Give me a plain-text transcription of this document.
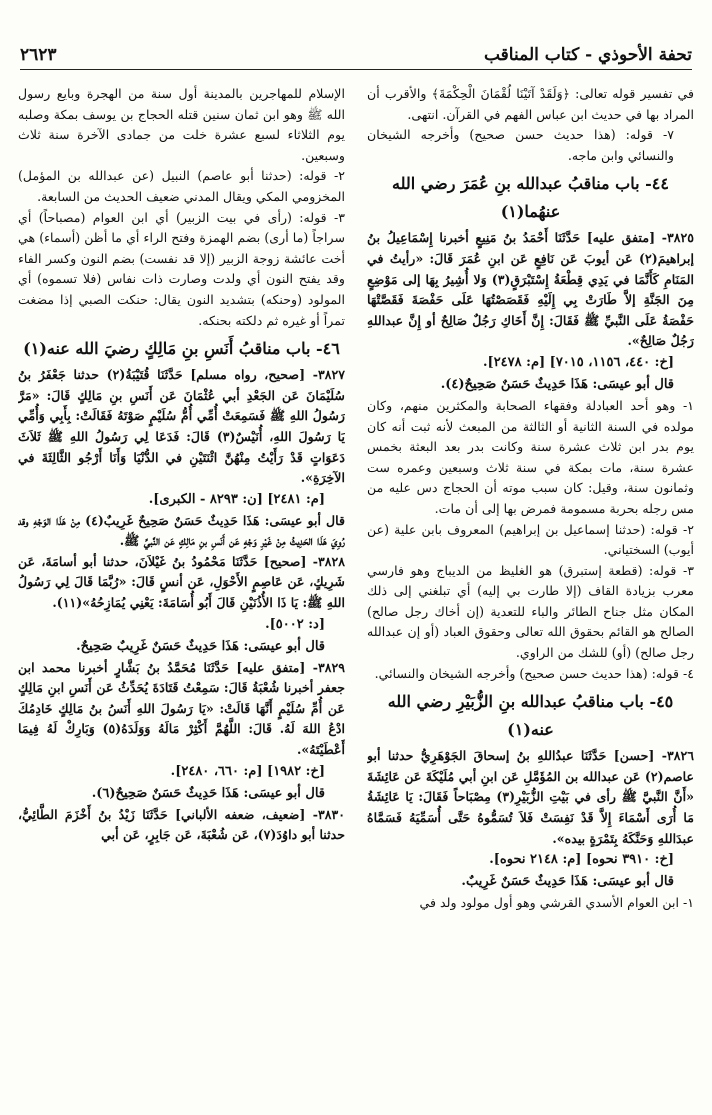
تحفة الأحوذي - كتاب المناقب
٢٦٢٣

في تفسير قوله تعالى: ﴿وَلَقَدْ آتَيْنَا لُقْمَانَ الْحِكْمَةَ﴾ والأقرب أن المراد بها في حديث ابن عباس الفهم في القرآن. انتهى.

٧- قوله: (هذا حديث حسن صحيح) وأخرجه الشيخان والنسائي وابن ماجه.

٤٤- باب مناقبُ عبدالله بنِ عُمَرَ رضي الله عنهُما(١)

٣٨٢٥- [متفق عليه] حَدَّثَنَا أَحْمَدُ بنُ مَنِيعٍ أخبرنا إِسْمَاعِيلُ بنُ إبراهيمَ(٢) عَن أيوبَ عَن نَافِعٍ عَن ابنِ عُمَرَ قَالَ: «رأيتُ في المَنَامِ كَأَنَّمَا في يَدِي قِطْعَةُ إِسْتَبْرَقٍ(٣) وَلا أُشِيرُ بِهَا إلى مَوْضِعٍ مِنَ الجَنَّةِ إلاَّ طَارَتْ بِي إِلَيْهِ فَقَصَصْتُهَا عَلَى حَفْصَةَ فَقَصَّتْهَا حَفْصَةُ عَلَى النَّبيِّ ﷺ فَقَالَ: إِنَّ أَخَاكِ رَجُلٌ صَالِحٌ أو إِنَّ عبداللهِ رَجُلٌ صَالِحٌ».

[خ: ٤٤٠، ١١٥٦، ٧٠١٥] [م: ٢٤٧٨].

قال أبو عيسَى: هَذَا حَدِيثٌ حَسَنٌ صَحِيحٌ(٤).

١- وهو أحد العبادلة وفقهاء الصحابة والمكثرين منهم، وكان مولده في السنة الثانية أو الثالثة من المبعث لأنه ثبت أنه كان يوم بدر ابن ثلاث عشرة سنة وكانت بدر بعد البعثة بخمس عشرة سنة، مات بمكة في سنة ثلاث وسبعين وعمره ست وثمانون سنة، وقيل: كان سبب موته أن الحجاج دس عليه من مس رجله بحربة مسمومة فمرض بها إلى أن مات.

٢- قوله: (حدثنا إسماعيل بن إبراهيم) المعروف بابن علية (عن أيوب) السختياني.

٣- قوله: (قطعة إستبرق) هو الغليظ من الديباج وهو فارسي معرب بزيادة القاف (إلا طارت بي إليه) أي تبلغني إلى ذلك المكان مثل جناح الطائر والباء للتعدية (إن أخاك رجل صالح) الصالح هو القائم بحقوق الله تعالى وحقوق العباد (أو إن عبدالله رجل صالح) (أو) للشك من الراوي.

٤- قوله: (هذا حديث حسن صحيح) وأخرجه الشيخان والنسائي.

٤٥- باب مناقبُ عبدالله بنِ الزُّبَيْرِ رضي الله عنه(١)

٣٨٢٦- [حسن] حَدَّثَنَا عبدُاللهِ بنُ إسحاقَ الجَوْهَرِيُّ حدثنا أبو عاصم(٢) عَن عبدالله بن المُؤَمَّلِ عَن ابنِ أبي مُلَيْكَةَ عَن عَائِشَةَ «أَنَّ النَّبيَّ ﷺ رأى في بَيْتِ الزُّبَيْرِ(٣) مِصْبَاحاً فَقَالَ: يَا عَائِشَةُ مَا أُرَى أَسْمَاءَ إِلاَّ قَدْ نَفِسَتْ فَلاَ تُسَمُّوهُ حَتَّى أُسَمِّيَهُ فَسَمَّاهُ عبدَاللهِ وَحَنَّكَهُ بِتَمْرَةٍ بيده».

[خ: ٣٩١٠ نحوه] [م: ٢١٤٨ نحوه].

قال أبو عيسَى: هَذَا حَدِيثٌ حَسَنٌ غَرِيبٌ.

١- ابن العوام الأسدي القرشي وهو أول مولود ولد في

الإسلام للمهاجرين بالمدينة أول سنة من الهجرة وبايع رسول الله ﷺ وهو ابن ثمان سنين قتله الحجاج بن يوسف بمكة وصلبه يوم الثلاثاء لسبع عشرة خلت من جمادى الآخرة سنة ثلاث وسبعين.

٢- قوله: (حدثنا أبو عاصم) النبيل (عن عبدالله بن المؤمل) المخزومي المكي ويقال المدني ضعيف الحديث من السابعة.

٣- قوله: (رأى في بيت الزبير) أي ابن العوام (مصباحاً) أي سراجاً (ما أرى) بضم الهمزة وفتح الراء أي ما أظن (أسماء) هي أخت عائشة زوجة الزبير (إلا قد نفست) بضم النون وكسر الفاء وقد يفتح النون أي ولدت وصارت ذات نفاس (فلا تسموه) أي المولود (وحنكه) بتشديد النون يقال: حنكت الصبي إذا مضغت تمراً أو غيره ثم دلكته بحنكه.

٤٦- باب مناقبُ أَنَسِ بنِ مَالِكٍ رضيَ الله عنه(١)

٣٨٢٧- [صحيح، رواه مسلم] حَدَّثَنَا قُتَيْبَةُ(٢) حدثنا جَعْفَرُ بنُ سُلَيْمَانَ عَن الجَعْدِ أبي عُثْمَانَ عَن أَنَسِ بنِ مَالِكٍ قَالَ: «مَرَّ رَسُولُ اللهِ ﷺ فَسَمِعَتْ أُمِّي أُمُّ سُلَيْمٍ صَوْتَهُ فَقَالَتْ: بِأَبِي وَأُمِّي يَا رَسُولَ اللهِ، أُنَيْسٌ(٣) قَالَ: فَدَعَا لِي رَسُولُ اللهِ ﷺ ثَلاَثَ دَعَوَاتٍ قَدْ رَأَيْتُ مِنْهُنَّ اثْنَتَيْنِ في الدُّنْيَا وَأَنَا أَرْجُو الثَّالِثَةَ في الآخِرَةِ».

[م: ٢٤٨١] [ن: ٨٢٩٣ - الكبرى].

قال أبو عيسَى: هَذَا حَدِيثٌ حَسَنٌ صَحِيحٌ غَرِيبٌ(٤) مِنْ هَذَا الوَجْهِ وقد رُوِيَ هَذَا الحَدِيثُ مِنْ غَيْرِ وَجْهٍ عَن أَنَسِ بنِ مَالِكٍ عَن النَّبيِّ ﷺ.

٣٨٢٨- [صحيح] حَدَّثَنَا مَحْمُودُ بنُ غَيْلاَنَ، حدثنا أبو أسامَةَ، عَن شَرِيكٍ، عَن عَاصِمٍ الأَحْوَلِ، عَن أنسٍ قَالَ: «رُبَّمَا قَالَ لِي رَسُولُ اللهِ ﷺ: يَا ذَا الأُذُنَيْنِ قَالَ أَبُو أُسَامَةَ: يَعْنِي يُمَازِحُهُ»(١١).

[د: ٥٠٠٢].

قال أبو عيسَى: هَذَا حَدِيثٌ حَسَنٌ غَرِيبٌ صَحِيحٌ.

٣٨٢٩- [متفق عليه] حَدَّثَنَا مُحَمَّدُ بنُ بَشَّارٍ أخبرنا محمد ابن جعفر أخبرنا شُعْبَةُ قَالَ: سَمِعْتُ قَتَادَةَ يُحَدِّثُ عَن أَنَسِ ابنِ مَالِكٍ عَن أُمِّ سُلَيْمٍ أَنَّهَا قَالَتْ: «يَا رَسُولَ اللهِ أَنَسُ بنُ مَالِكٍ خَادِمُكَ ادْعُ اللهَ لَهُ. قَالَ: اللَّهُمَّ أَكْثِرْ مَالَهُ وَوَلَدَهُ(٥) وَبَارِكْ لَهُ فِيمَا أَعْطَيْتَهُ».

[خ: ١٩٨٢] [م: ٦٦٠، ٢٤٨٠].

قال أبو عيسَى: هَذَا حَدِيثٌ حَسَنٌ صَحِيحٌ(٦).

٣٨٣٠- [ضعيف، ضعفه الألباني] حَدَّثَنَا زَيْدُ بنُ أَخْزَمَ الطَّائِيُّ، حدثنا أبو داوُدَ(٧)، عَن شُعْبَةَ، عَن جَابِرٍ، عَن أبي
